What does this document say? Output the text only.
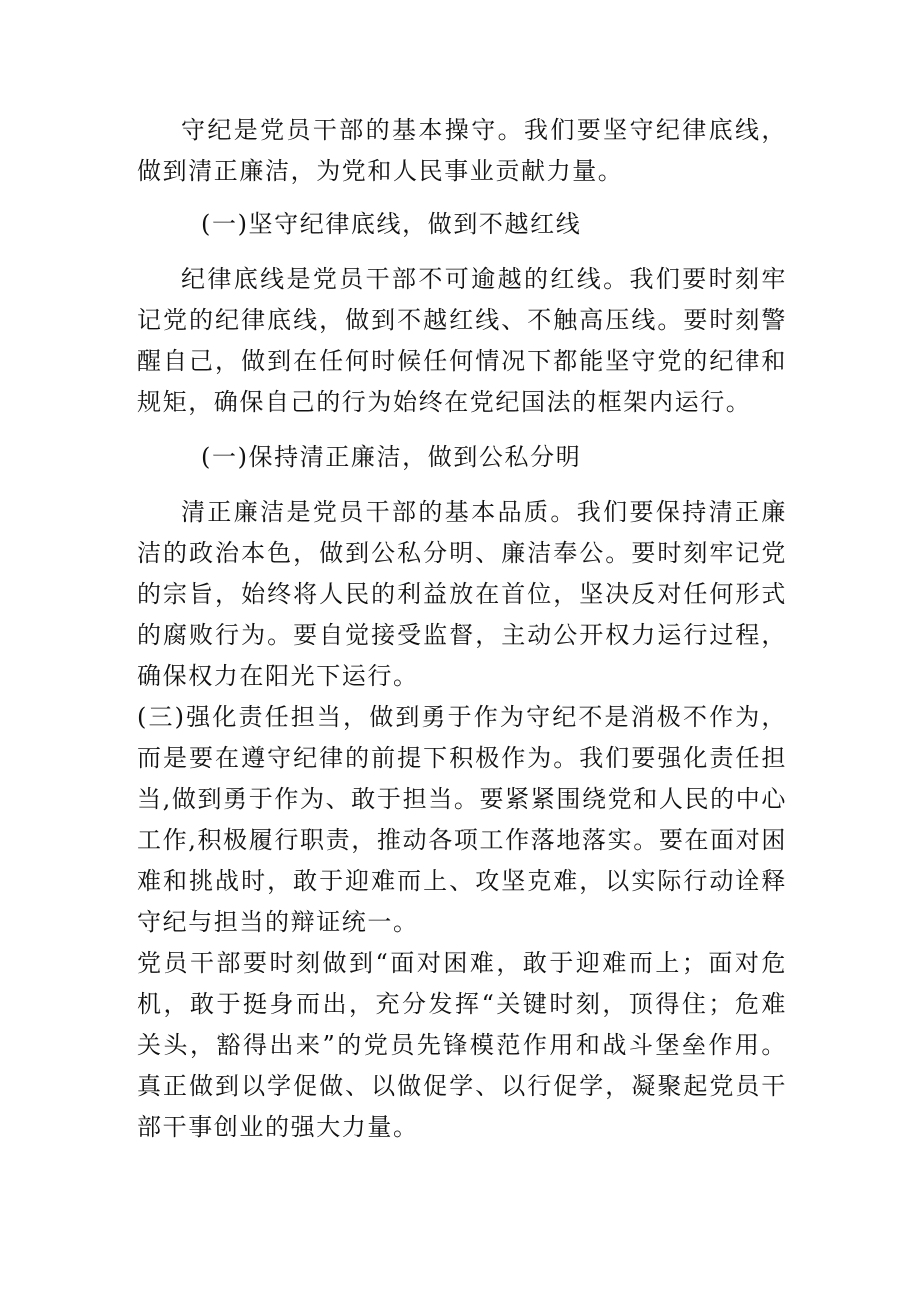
守纪是党员干部的基本操守。我们要坚守纪律底线，做到清正廉洁，为党和人民事业贡献力量。

(一)坚守纪律底线，做到不越红线

纪律底线是党员干部不可逾越的红线。我们要时刻牢记党的纪律底线，做到不越红线、不触高压线。要时刻警醒自己，做到在任何时候任何情况下都能坚守党的纪律和规矩，确保自己的行为始终在党纪国法的框架内运行。

(一)保持清正廉洁，做到公私分明

清正廉洁是党员干部的基本品质。我们要保持清正廉洁的政治本色，做到公私分明、廉洁奉公。要时刻牢记党的宗旨，始终将人民的利益放在首位，坚决反对任何形式的腐败行为。要自觉接受监督，主动公开权力运行过程，确保权力在阳光下运行。

(三)强化责任担当，做到勇于作为守纪不是消极不作为，而是要在遵守纪律的前提下积极作为。我们要强化责任担当,做到勇于作为、敢于担当。要紧紧围绕党和人民的中心工作,积极履行职责，推动各项工作落地落实。要在面对困难和挑战时，敢于迎难而上、攻坚克难，以实际行动诠释守纪与担当的辩证统一。

党员干部要时刻做到“面对困难，敢于迎难而上；面对危机，敢于挺身而出，充分发挥“关键时刻，顶得住；危难关头，豁得出来”的党员先锋模范作用和战斗堡垒作用。真正做到以学促做、以做促学、以行促学，凝聚起党员干部干事创业的强大力量。
